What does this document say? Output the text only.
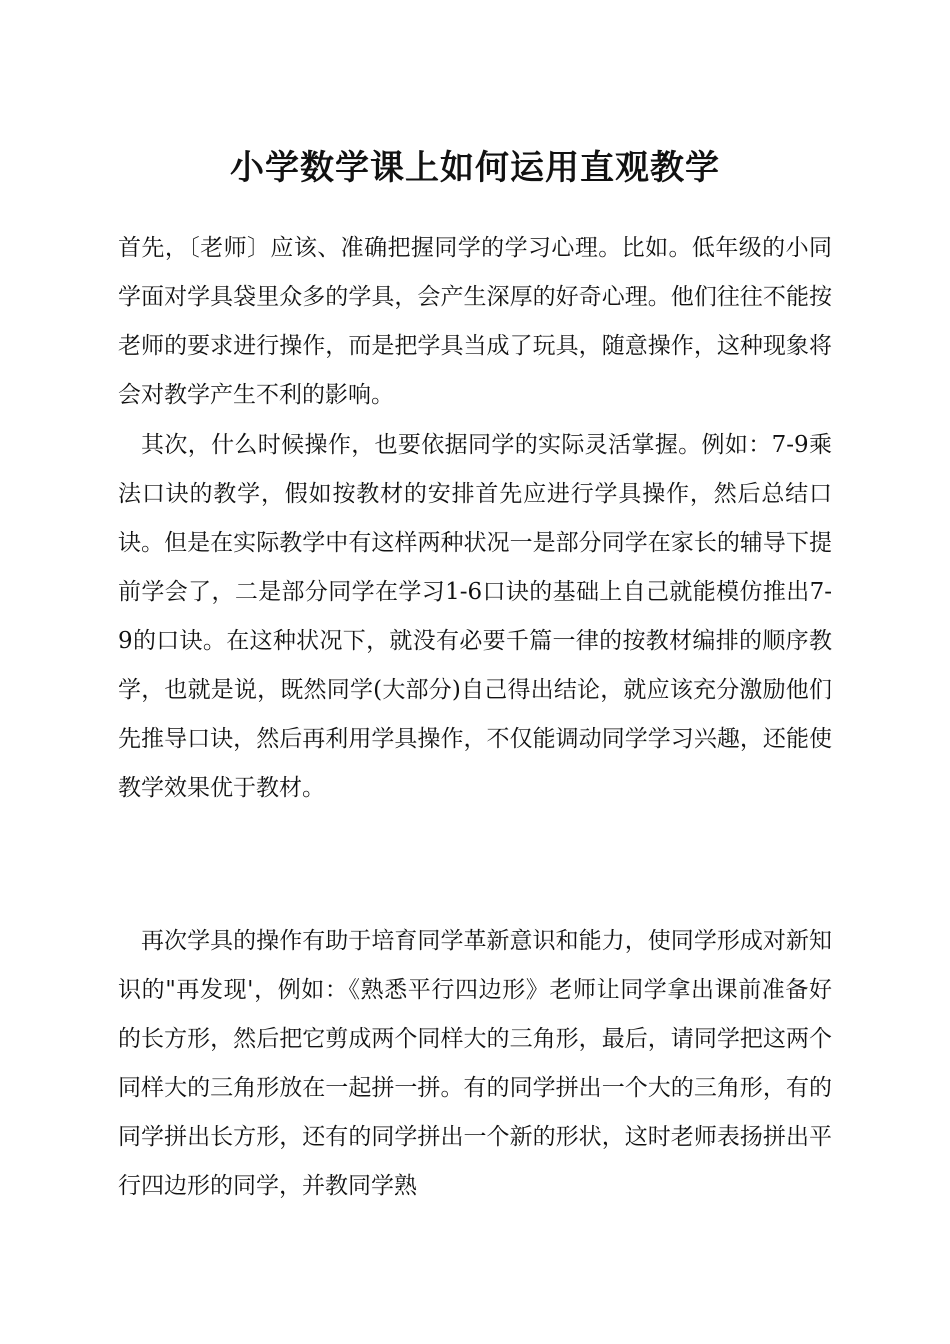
小学数学课上如何运用直观教学
首先，〔老师〕应该、准确把握同学的学习心理。比如。低年级的小同学面对学具袋里众多的学具，会产生深厚的好奇心理。他们往往不能按老师的要求进行操作，而是把学具当成了玩具，随意操作，这种现象将会对教学产生不利的影响。
其次，什么时候操作，也要依据同学的实际灵活掌握。例如：7-9乘法口诀的教学，假如按教材的安排首先应进行学具操作，然后总结口诀。但是在实际教学中有这样两种状况一是部分同学在家长的辅导下提前学会了，二是部分同学在学习1-6口诀的基础上自己就能模仿推出7-9的口诀。在这种状况下，就没有必要千篇一律的按教材编排的顺序教学，也就是说，既然同学(大部分)自己得出结论，就应该充分激励他们先推导口诀，然后再利用学具操作，不仅能调动同学学习兴趣，还能使教学效果优于教材。
再次学具的操作有助于培育同学革新意识和能力，使同学形成对新知识的"再发现'，例如：《熟悉平行四边形》老师让同学拿出课前准备好的长方形，然后把它剪成两个同样大的三角形，最后，请同学把这两个同样大的三角形放在一起拼一拼。有的同学拼出一个大的三角形，有的同学拼出长方形，还有的同学拼出一个新的形状，这时老师表扬拼出平行四边形的同学，并教同学熟
